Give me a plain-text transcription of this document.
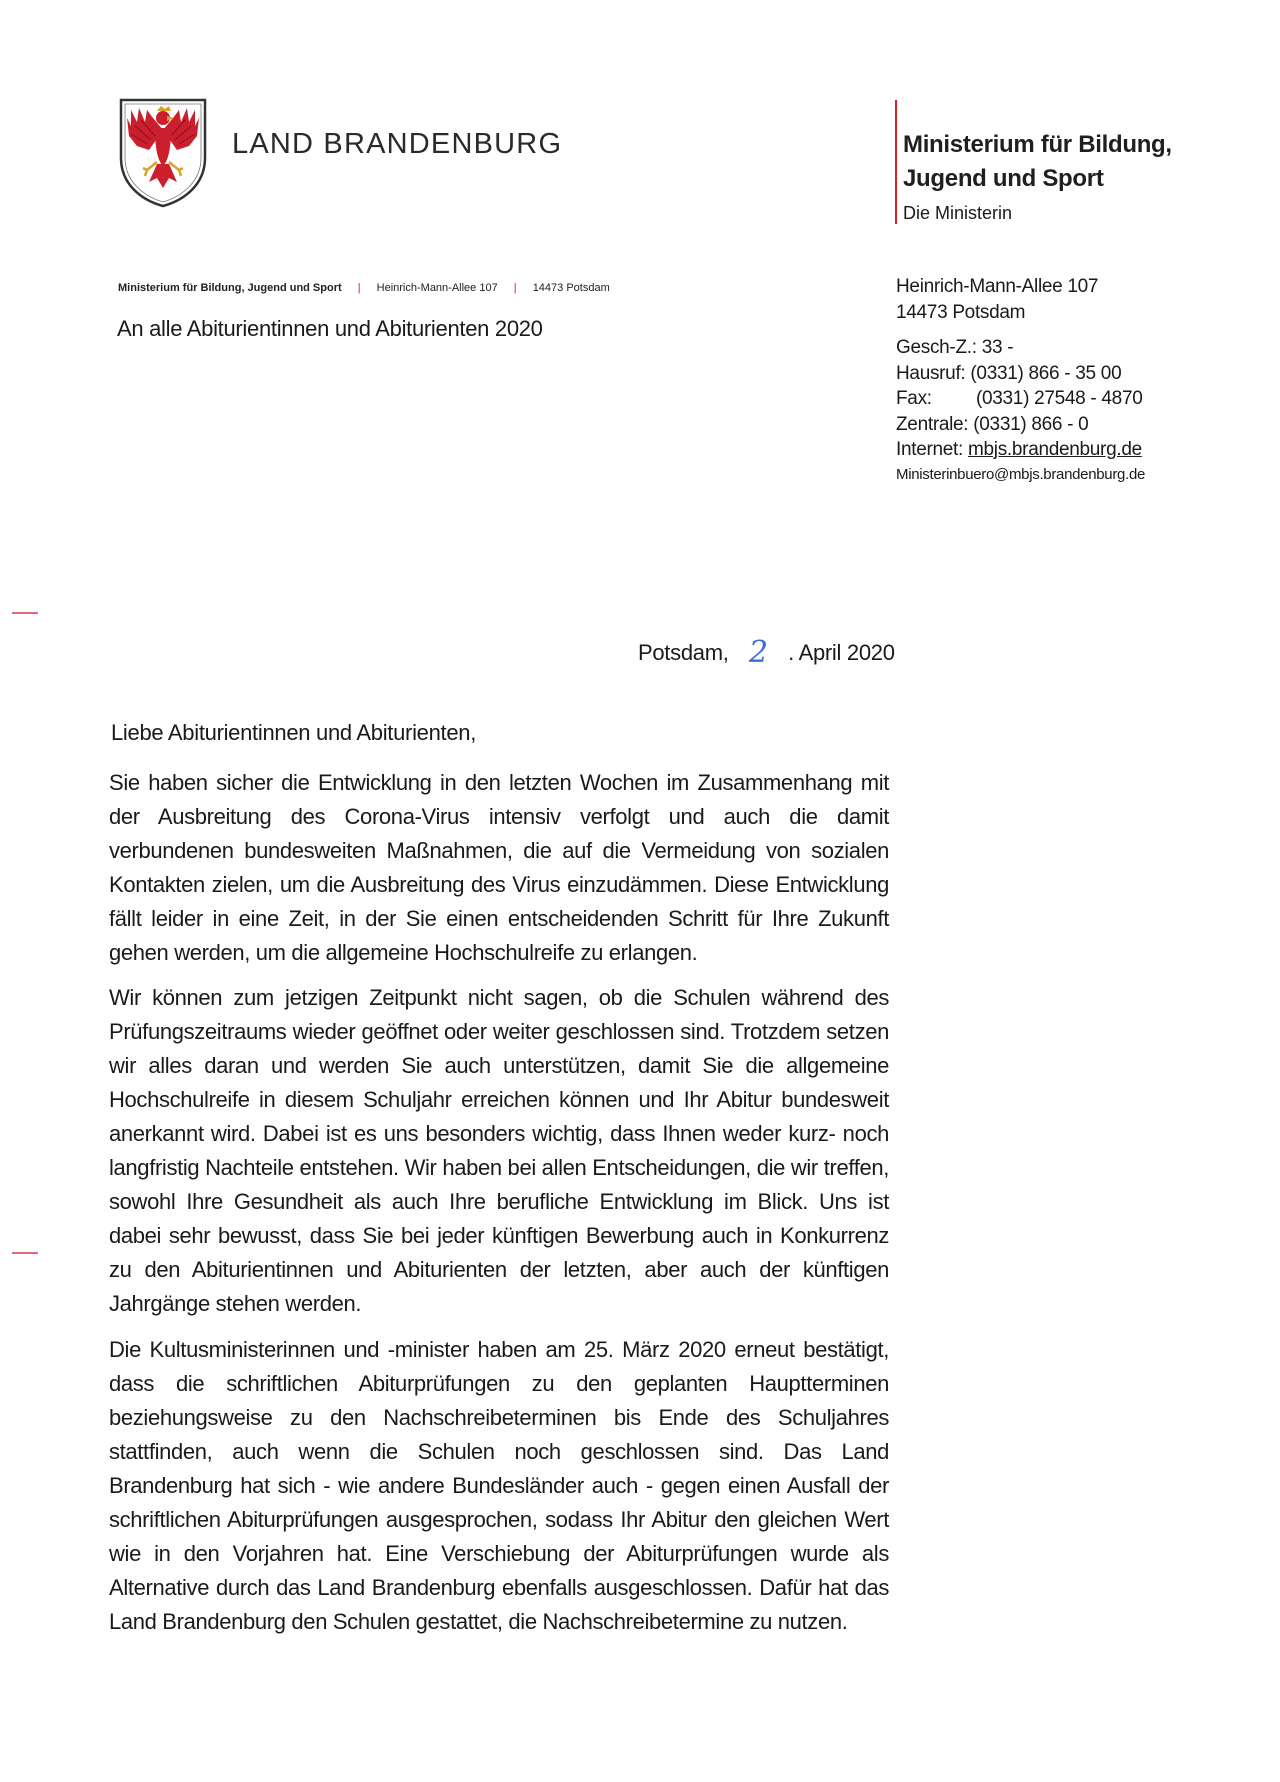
LAND BRANDENBURG	Ministerium für Bildung,
Jugend und Sport
Die Ministerin
Ministerium für Bildung, Jugend und Sport | Heinrich-Mann-Allee 107 | 14473 Potsdam
An alle Abiturientinnen und Abiturienten 2020
Heinrich-Mann-Allee 107
14473 Potsdam
Gesch-Z.: 33 -
Hausruf: (0331) 866 - 35 00
Fax: (0331) 27548 - 4870
Zentrale: (0331) 866 - 0
Internet: mbjs.brandenburg.de
Ministerinbuero@mbjs.brandenburg.de
Potsdam, 2 . April 2020
Liebe Abiturientinnen und Abiturienten,

Sie haben sicher die Entwicklung in den letzten Wochen im Zusammenhang mit der Ausbreitung des Corona-Virus intensiv verfolgt und auch die damit verbundenen bundesweiten Maßnahmen, die auf die Vermeidung von sozialen Kontakten zielen, um die Ausbreitung des Virus einzudämmen. Diese Entwicklung fällt leider in eine Zeit, in der Sie einen entscheidenden Schritt für Ihre Zukunft gehen werden, um die allgemeine Hochschulreife zu erlangen.

Wir können zum jetzigen Zeitpunkt nicht sagen, ob die Schulen während des Prüfungszeitraums wieder geöffnet oder weiter geschlossen sind. Trotzdem setzen wir alles daran und werden Sie auch unterstützen, damit Sie die allgemeine Hochschulreife in diesem Schuljahr erreichen können und Ihr Abitur bundesweit anerkannt wird. Dabei ist es uns besonders wichtig, dass Ihnen weder kurz- noch langfristig Nachteile entstehen. Wir haben bei allen Entscheidungen, die wir treffen, sowohl Ihre Gesundheit als auch Ihre berufliche Entwicklung im Blick. Uns ist dabei sehr bewusst, dass Sie bei jeder künftigen Bewerbung auch in Konkurrenz zu den Abiturientinnen und Abiturienten der letzten, aber auch der künftigen Jahrgänge stehen werden.

Die Kultusministerinnen und -minister haben am 25. März 2020 erneut bestätigt, dass die schriftlichen Abiturprüfungen zu den geplanten Hauptterminen beziehungsweise zu den Nachschreibeterminen bis Ende des Schuljahres stattfinden, auch wenn die Schulen noch geschlossen sind. Das Land Brandenburg hat sich - wie andere Bundesländer auch - gegen einen Ausfall der schriftlichen Abiturprüfungen ausgesprochen, sodass Ihr Abitur den gleichen Wert wie in den Vorjahren hat. Eine Verschiebung der Abiturprüfungen wurde als Alternative durch das Land Brandenburg ebenfalls ausgeschlossen. Dafür hat das Land Brandenburg den Schulen gestattet, die Nachschreibetermine zu nutzen.
